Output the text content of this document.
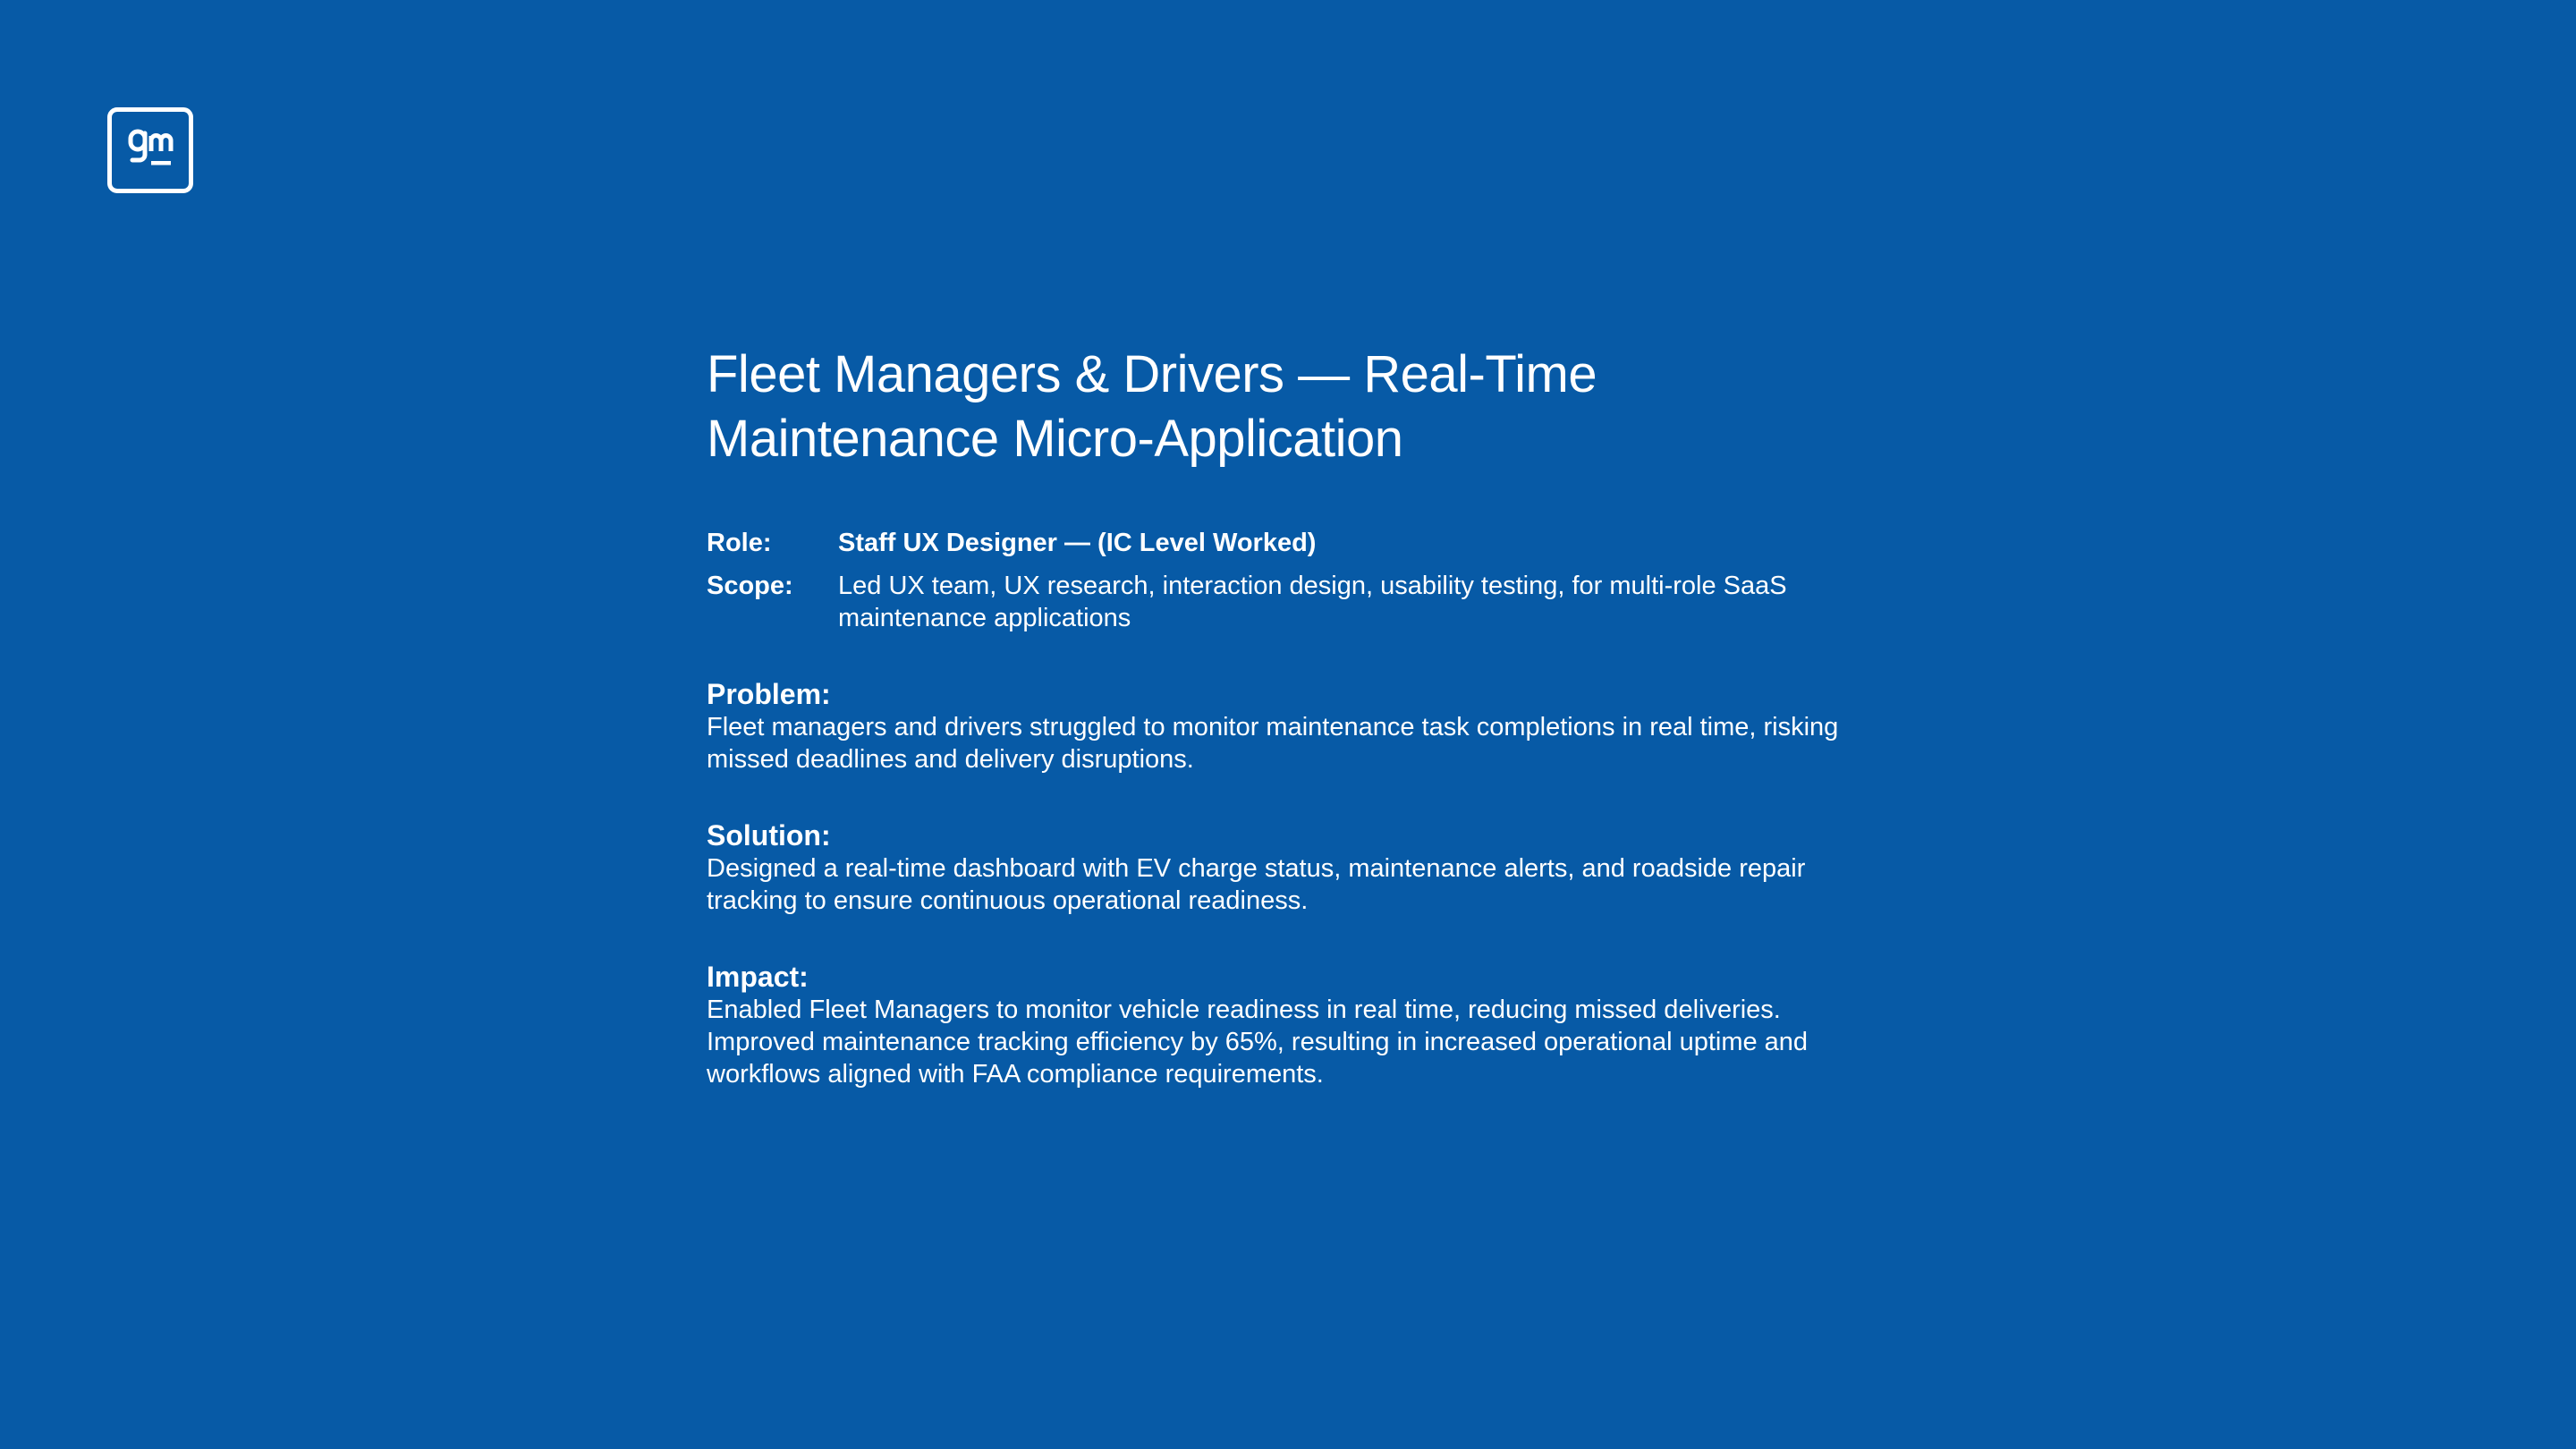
Fleet Managers & Drivers — Real-Time Maintenance Micro-Application
Role:	Staff UX Designer — (IC Level Worked)
Scope:	Led UX team, UX research, interaction design, usability testing, for multi-role SaaS maintenance applications
Problem:
Fleet managers and drivers struggled to monitor maintenance task completions in real time, risking missed deadlines and delivery disruptions.
Solution:
Designed a real-time dashboard with EV charge status, maintenance alerts, and roadside repair tracking to ensure continuous operational readiness.
Impact:
Enabled Fleet Managers to monitor vehicle readiness in real time, reducing missed deliveries. Improved maintenance tracking efficiency by 65%, resulting in increased operational uptime and workflows aligned with FAA compliance requirements.
